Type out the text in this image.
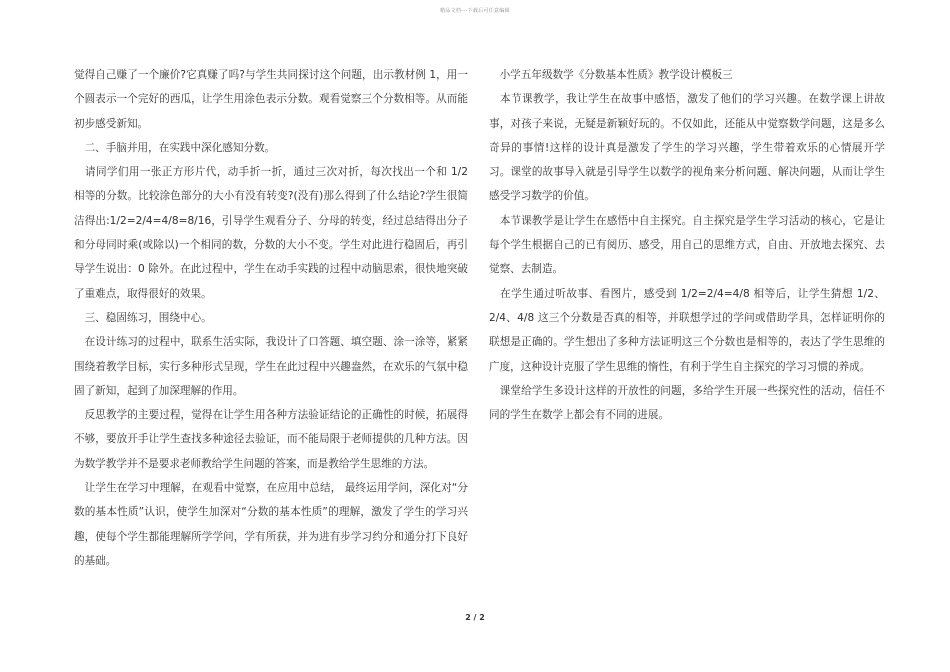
精品文档---下载后可任意编辑

觉得自己赚了一个廉价?它真赚了吗?与学生共同探讨这个问题，出示教材例 1，用一个圆表示一个完好的西瓜，让学生用涂色表示分数。观看觉察三个分数相等。从而能初步感受新知。

　二、手脑并用，在实践中深化感知分数。

　请同学们用一张正方形片代，动手折一折，通过三次对折，每次找出一个和 1/2 相等的分数。比较涂色部分的大小有没有转变?(没有)那么得到了什么结论?学生很简洁得出:1/2=2/4=4/8=8/16，引导学生观看分子、分母的转变，经过总结得出分子和分母同时乘(或除以)一个相同的数，分数的大小不变。学生对此进行稳固后，再引导学生说出：0 除外。在此过程中，学生在动手实践的过程中动脑思索，很快地突破了重难点，取得很好的效果。

　三、稳固练习，围绕中心。

　在设计练习的过程中，联系生活实际，我设计了口答题、填空题、涂一涂等，紧紧围绕着教学目标，实行多种形式呈现，学生在此过程中兴趣盎然，在欢乐的气氛中稳固了新知，起到了加深理解的作用。

　反思教学的主要过程，觉得在让学生用各种方法验证结论的正确性的时候，拓展得不够，要放开手让学生查找多种途径去验证，而不能局限于老师提供的几种方法。因为数学教学并不是要求老师教给学生问题的答案，而是教给学生思维的方法。

　让学生在学习中理解，在观看中觉察，在应用中总结， 最终运用学问，深化对“分数的基本性质”认识，使学生加深对“分数的基本性质”的理解，激发了学生的学习兴趣，使每个学生都能理解所学学问，学有所获，并为进有步学习约分和通分打下良好的基础。

　小学五年级数学《分数基本性质》教学设计模板三

　本节课教学，我让学生在故事中感悟，激发了他们的学习兴趣。在数学课上讲故事，对孩子来说，无疑是新颖好玩的。不仅如此，还能从中觉察数学问题，这是多么奇异的事情!这样的设计真是激发了学生的学习兴趣，学生带着欢乐的心情展开学习。课堂的故事导入就是引导学生以数学的视角来分析问题、解决问题，从而让学生感受学习数学的价值。

　本节课教学是让学生在感悟中自主探究。自主探究是学生学习活动的核心，它是让每个学生根据自己的已有阅历、感受，用自己的思维方式，自由、开放地去探究、去觉察、去制造。

　在学生通过听故事、看图片，感受到 1/2=2/4=4/8 相等后，让学生猜想 1/2、2/4、4/8 这三个分数是否真的相等，并联想学过的学问或借助学具，怎样证明你的联想是正确的。学生想出了多种方法证明这三个分数也是相等的，表达了学生思维的广度，这种设计克服了学生思维的惰性，有利于学生自主探究的学习习惯的养成。

　课堂给学生多设计这样的开放性的问题，多给学生开展一些探究性的活动，信任不同的学生在数学上都会有不同的进展。

2 / 2
